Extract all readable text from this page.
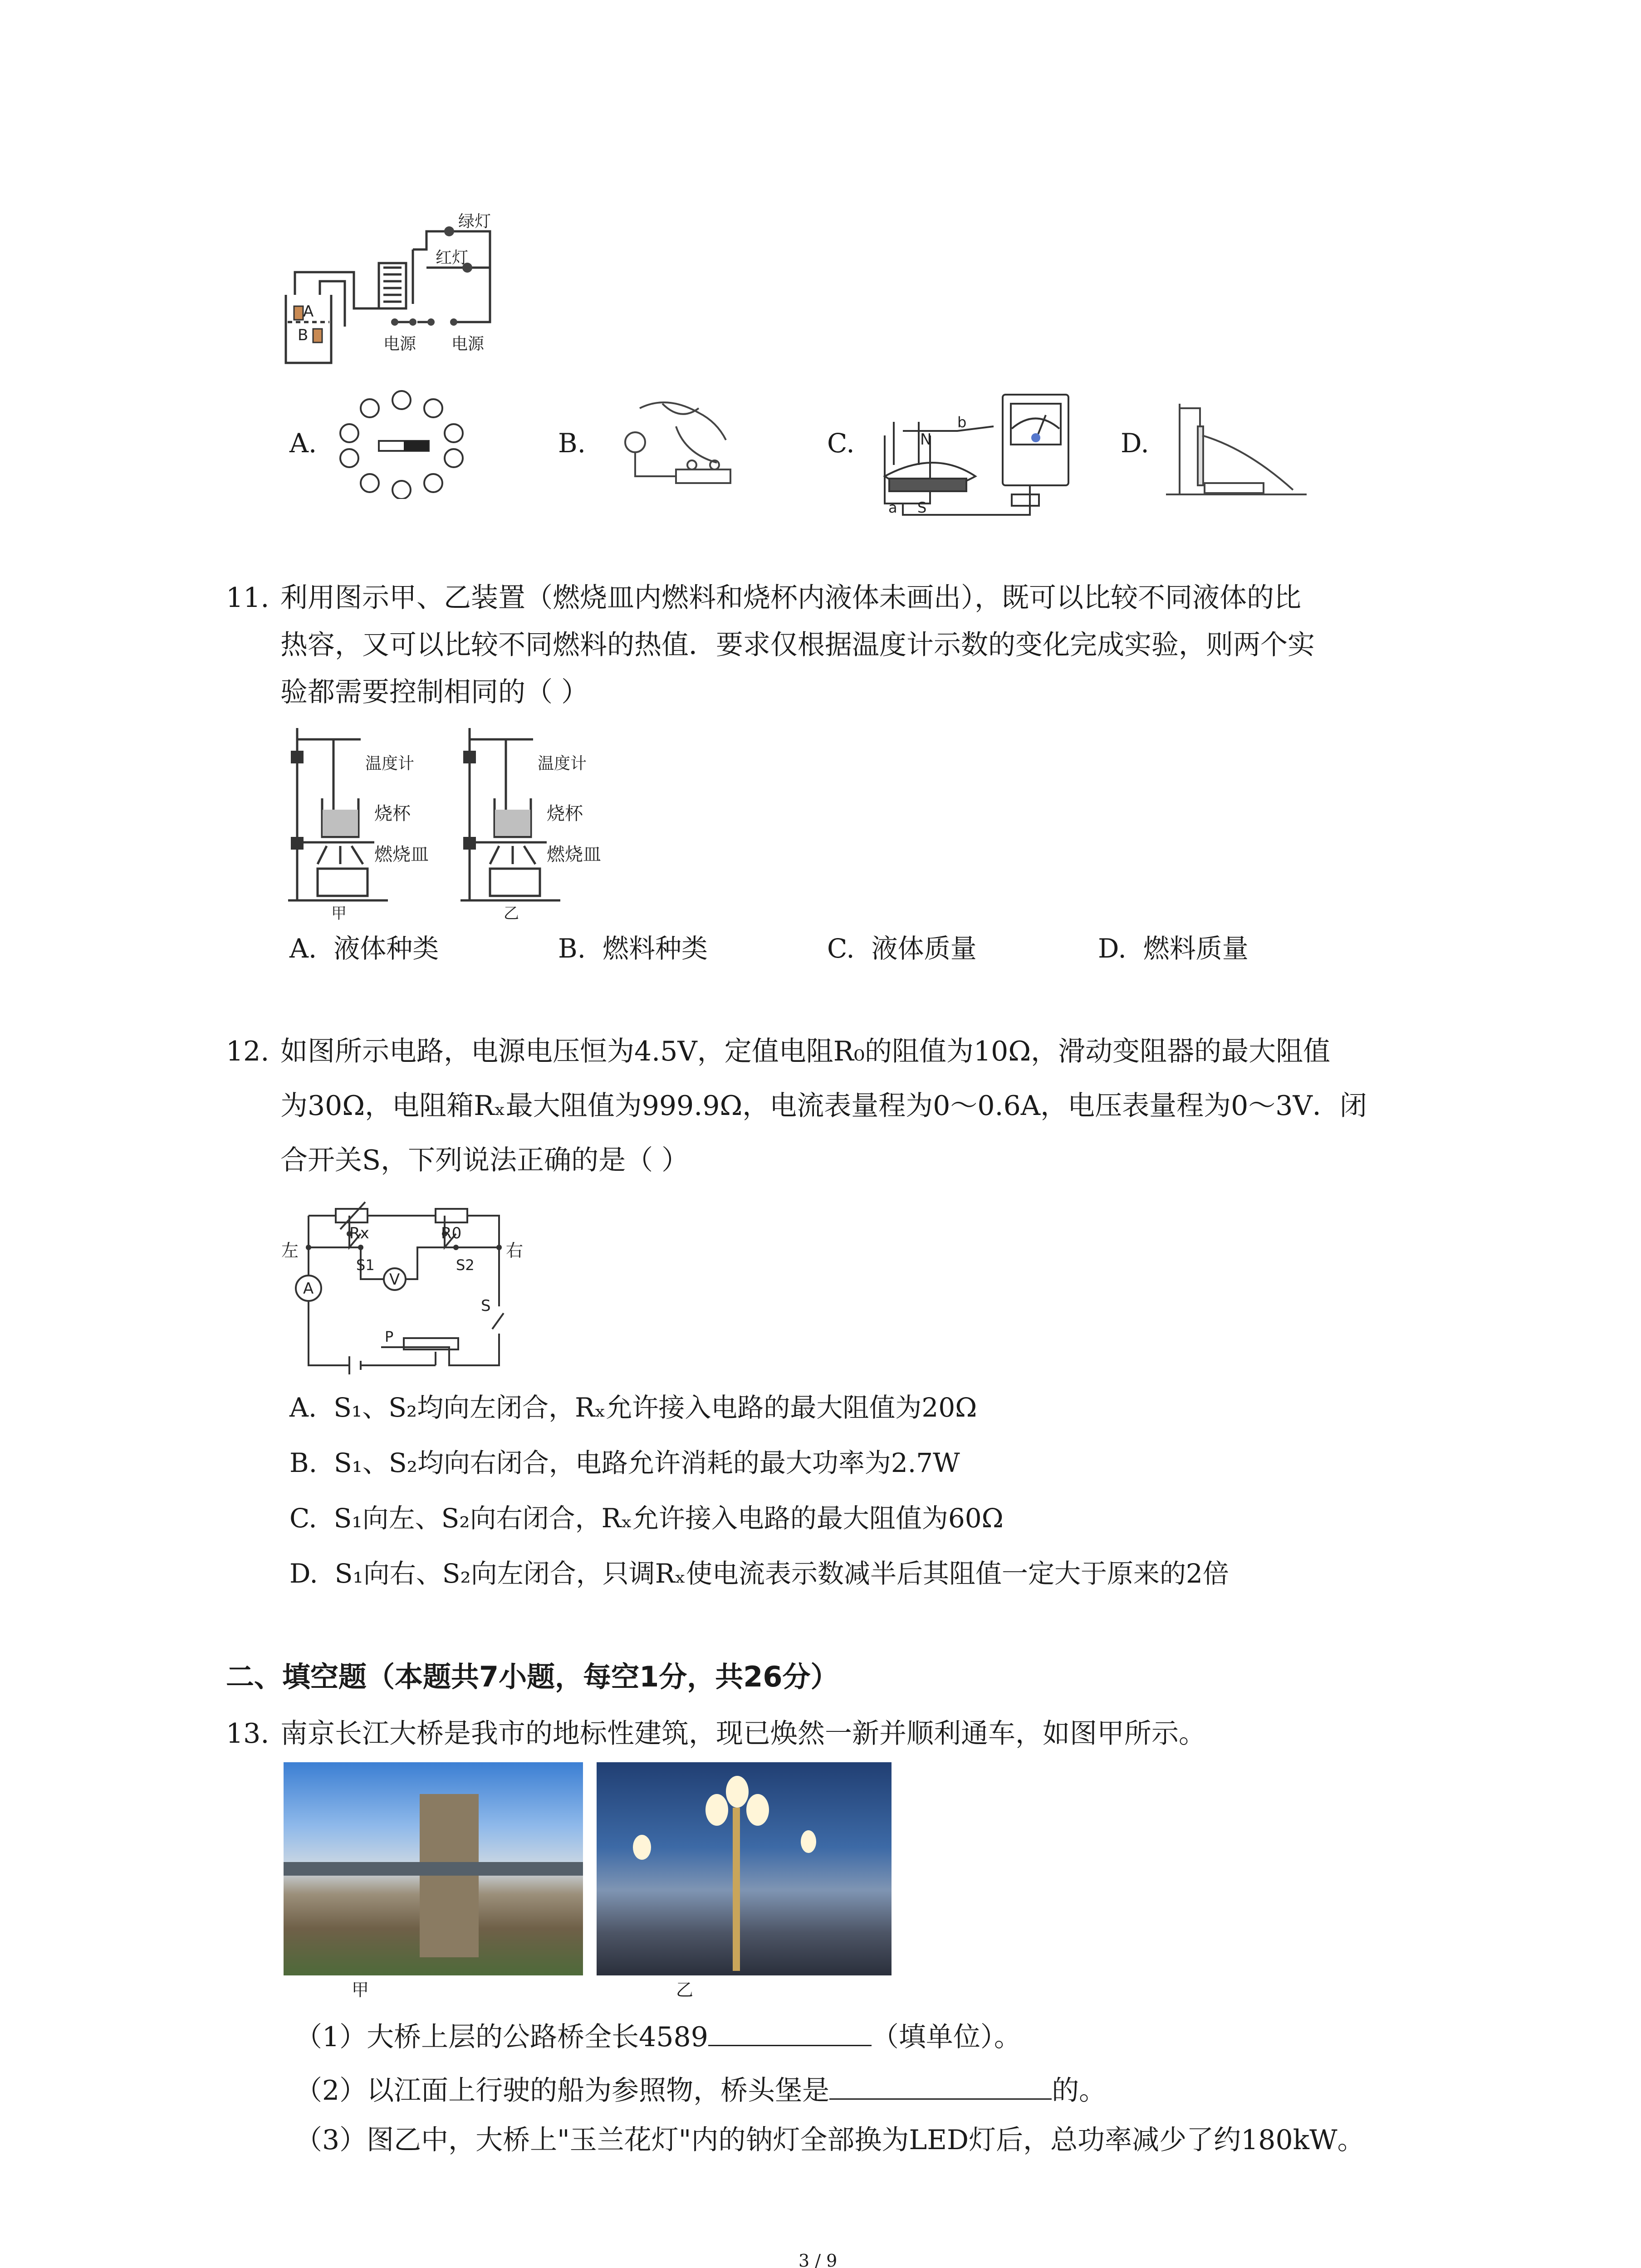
A
B
绿灯
红灯
电源 电源
A.	B.	C.	D.
N
S
a
b
11. 利用图示甲、乙装置（燃烧皿内燃料和烧杯内液体未画出），既可以比较不同液体的比
热容，又可以比较不同燃料的热值．要求仅根据温度计示数的变化完成实验，则两个实
验都需要控制相同的（ ）
温度计
烧杯
燃烧皿
温度计
烧杯
燃烧皿
甲	乙
A. 液体种类	B. 燃料种类	C. 液体质量	D. 燃料质量
12. 如图所示电路，电源电压恒为4.5V，定值电阻R₀的阻值为10Ω，滑动变阻器的最大阻值
为30Ω，电阻箱Rₓ最大阻值为999.9Ω，电流表量程为0～0.6A，电压表量程为0～3V．闭
合开关S，下列说法正确的是（ ）
Rx	R0
左	右
S1	S2
S
P
A	V
A. S₁、S₂均向左闭合，Rₓ允许接入电路的最大阻值为20Ω
B. S₁、S₂均向右闭合，电路允许消耗的最大功率为2.7W
C. S₁向左、S₂向右闭合，Rₓ允许接入电路的最大阻值为60Ω
D. S₁向右、S₂向左闭合，只调Rₓ使电流表示数减半后其阻值一定大于原来的2倍
二、填空题（本题共7小题，每空1分，共26分）
13. 南京长江大桥是我市的地标性建筑，现已焕然一新并顺利通车，如图甲所示。
甲	乙
（1）大桥上层的公路桥全长4589	（填单位）。
（2）以江面上行驶的船为参照物，桥头堡是	的。
（3）图乙中，大桥上"玉兰花灯"内的钠灯全部换为LED灯后，总功率减少了约180kW。
3 / 9
